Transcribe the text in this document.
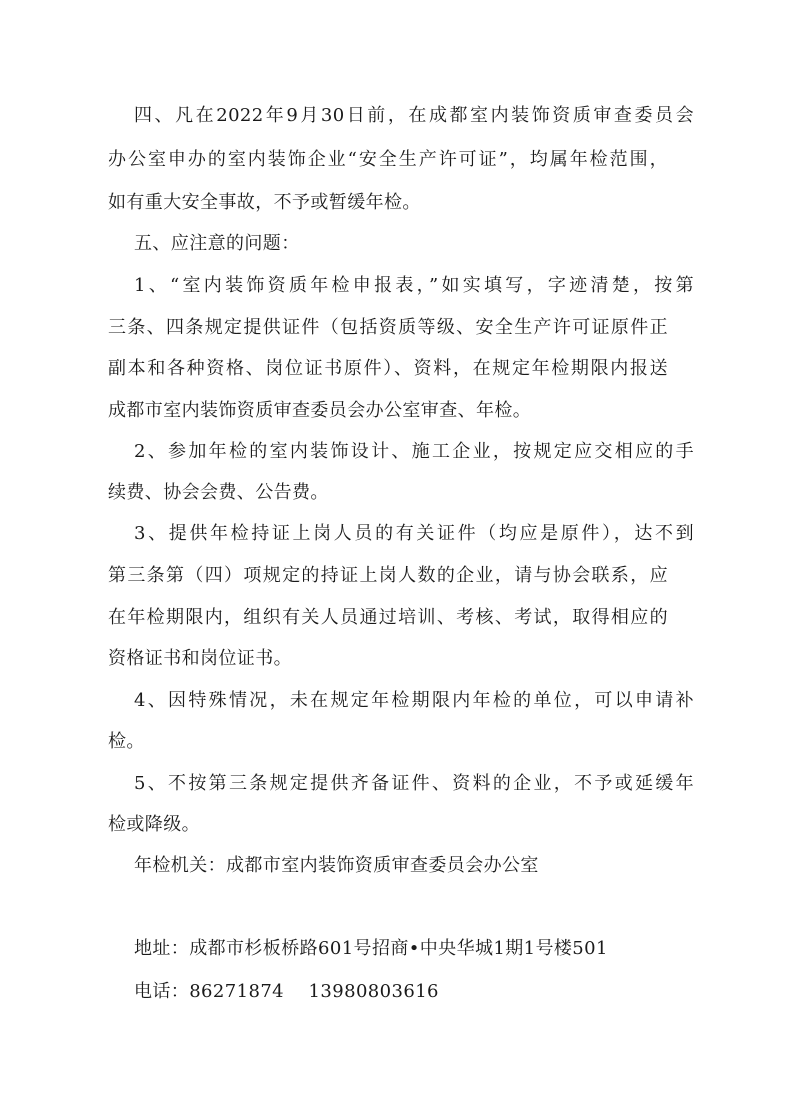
四、凡在2022年9月30日前，在成都室内装饰资质审查委员会
办公室申办的室内装饰企业“安全生产许可证”，均属年检范围，
如有重大安全事故，不予或暂缓年检。
五、应注意的问题：
1、“室内装饰资质年检申报表，”如实填写，字迹清楚，按第
三条、四条规定提供证件（包括资质等级、安全生产许可证原件正
副本和各种资格、岗位证书原件）、资料，在规定年检期限内报送
成都市室内装饰资质审查委员会办公室审查、年检。
2、参加年检的室内装饰设计、施工企业，按规定应交相应的手
续费、协会会费、公告费。
3、提供年检持证上岗人员的有关证件（均应是原件），达不到
第三条第（四）项规定的持证上岗人数的企业，请与协会联系，应
在年检期限内，组织有关人员通过培训、考核、考试，取得相应的
资格证书和岗位证书。
4、因特殊情况，未在规定年检期限内年检的单位，可以申请补
检。
5、不按第三条规定提供齐备证件、资料的企业，不予或延缓年
检或降级。
年检机关：成都市室内装饰资质审查委员会办公室
地址：成都市杉板桥路601号招商•中央华城1期1号楼501
电话：86271874　 13980803616
